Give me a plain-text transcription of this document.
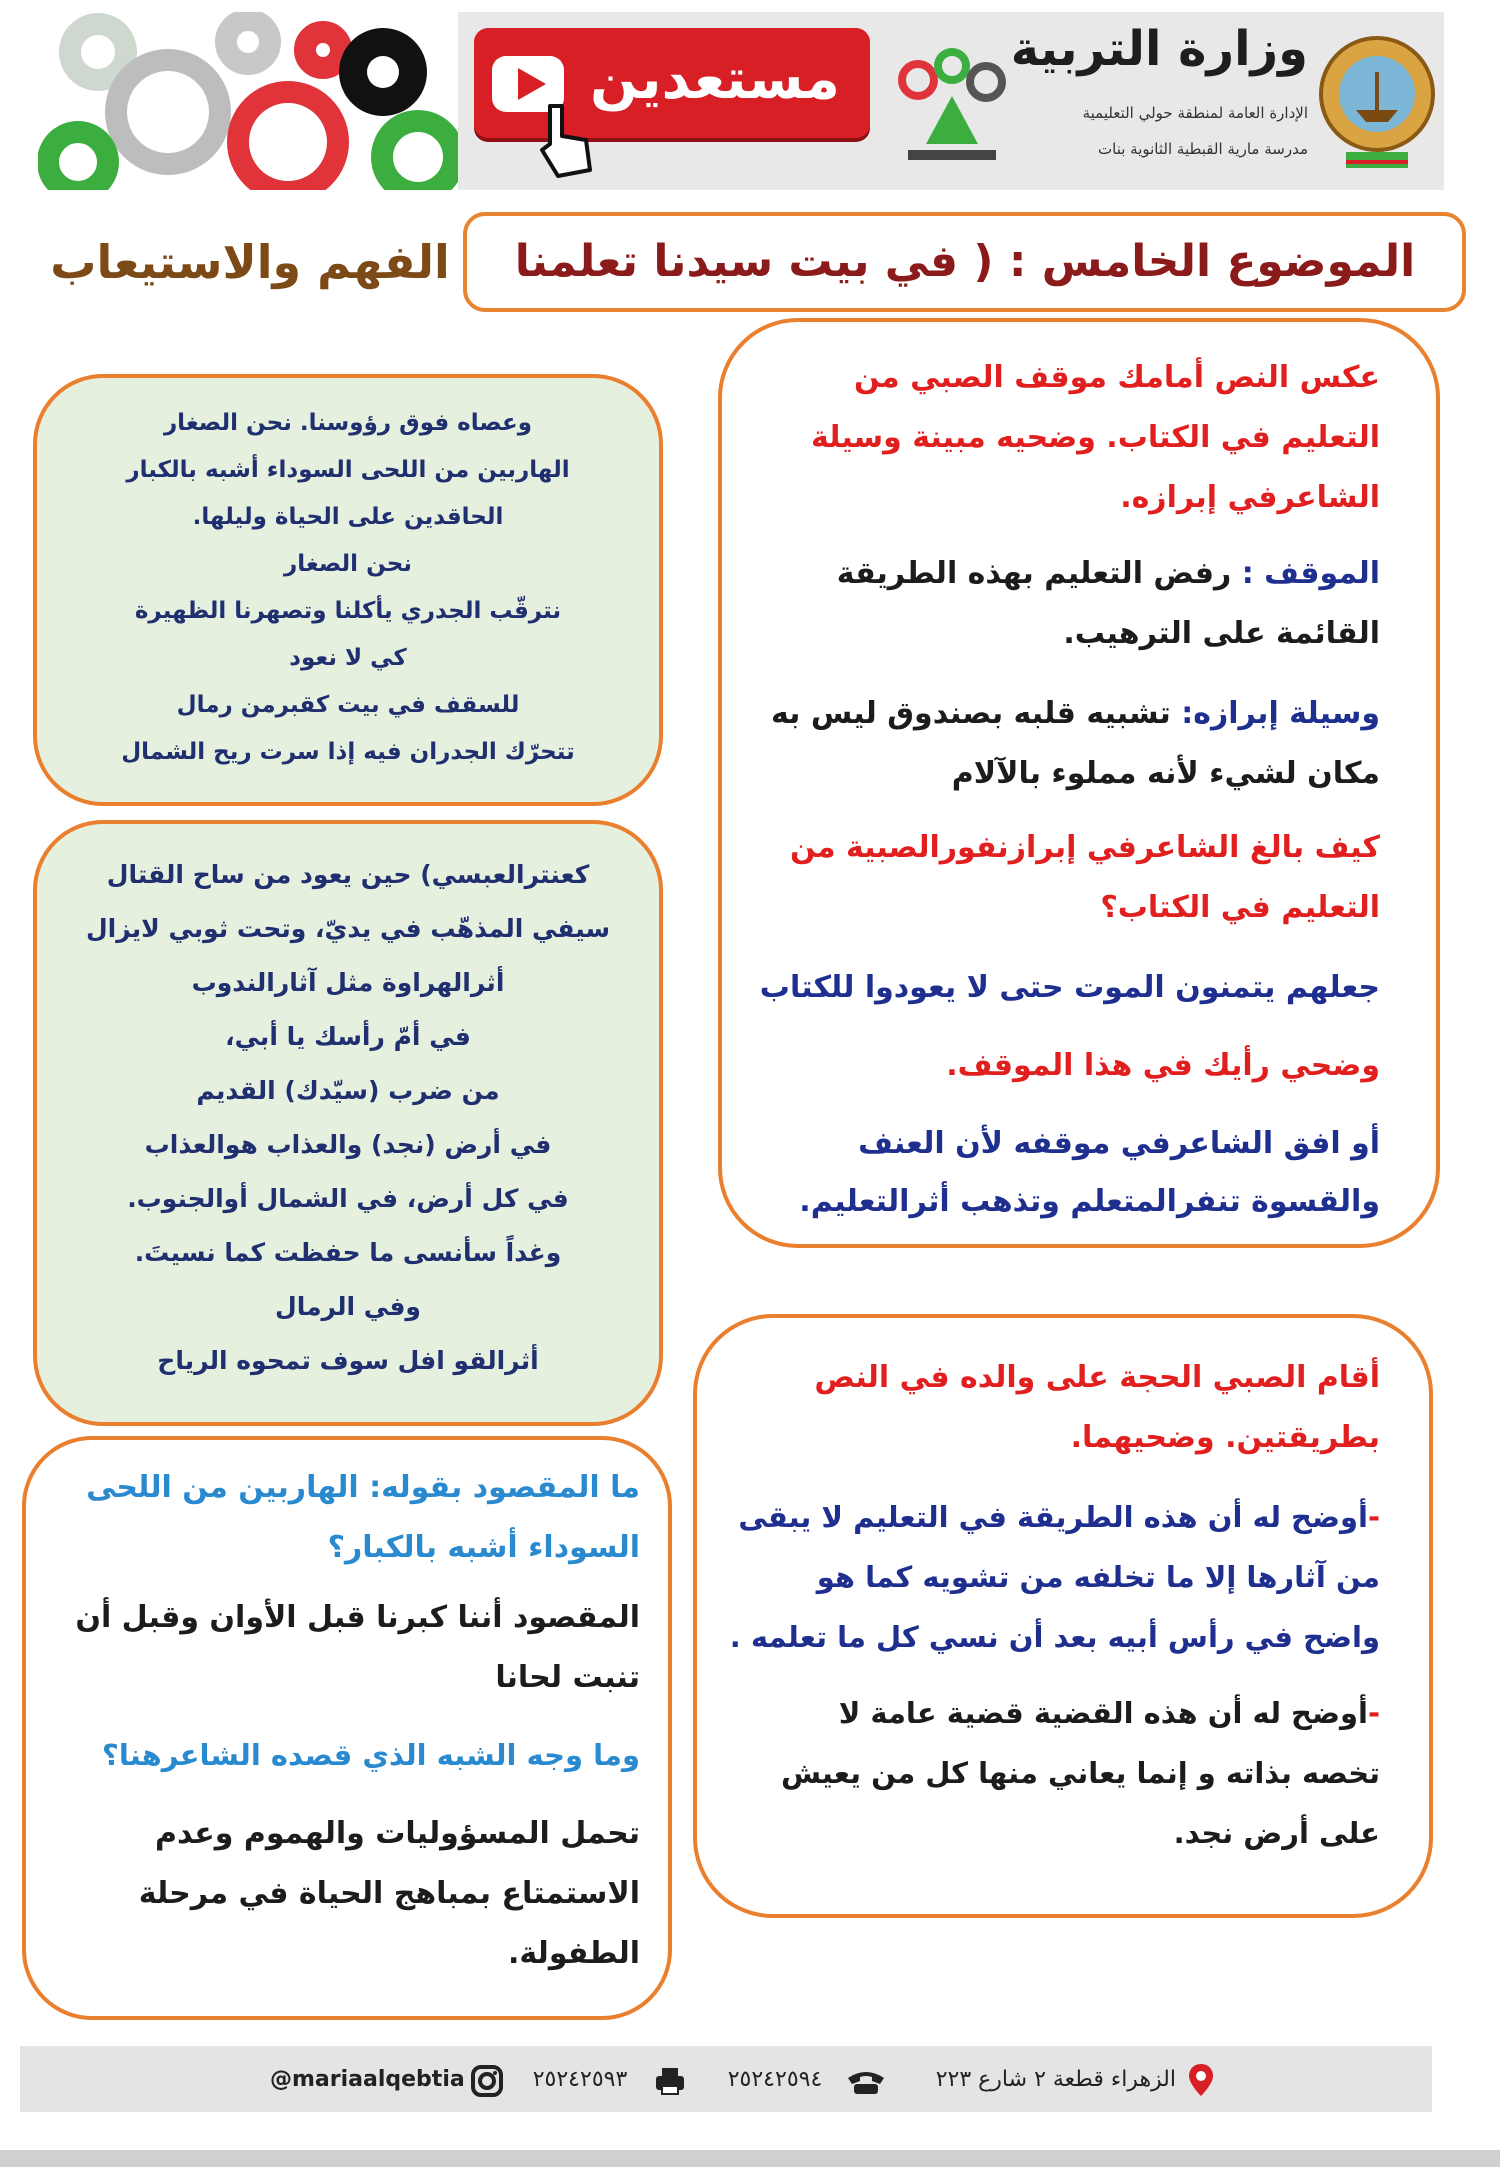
مستعدين	وزارة التربية
الإدارة العامة لمنطقة حولي التعليمية
مدرسة مارية القبطية الثانوية بنات
الموضوع الخامس : ( في بيت سيدنا تعلمنا
الفهم والاستيعاب
عكس النص أمامك موقف الصبي من
التعليم في الكتاب. وضحيه مبينة وسيلة
الشاعرفي إبرازه.
الموقف : رفض التعليم بهذه الطريقة
القائمة على الترهيب.
وسيلة إبرازه: تشبيه قلبه بصندوق ليس به
مكان لشيء لأنه مملوء بالآلام
كيف بالغ الشاعرفي إبرازنفورالصبية من
التعليم في الكتاب؟
جعلهم يتمنون الموت حتى لا يعودوا للكتاب
وضحي رأيك في هذا الموقف.
أو افق الشاعرفي موقفه لأن العنف
والقسوة تنفرالمتعلم وتذهب أثرالتعليم.
أقام الصبي الحجة على والده في النص
بطريقتين. وضحيهما.
-أوضح له أن هذه الطريقة في التعليم لا يبقى
من آثارها إلا ما تخلفه من تشويه كما هو
واضح في رأس أبيه بعد أن نسي كل ما تعلمه .
-أوضح له أن هذه القضية قضية عامة لا
تخصه بذاته و إنما يعاني منها كل من يعيش
على أرض نجد.
وعصاه فوق رؤوسنا. نحن الصغار
الهاربين من اللحى السوداء أشبه بالكبار
الحاقدين على الحياة وليلها.
نحن الصغار
نترقّب الجدري يأكلنا وتصهرنا الظهيرة
كي لا نعود
للسقف في بيت كقبرمن رمال
تتحرّك الجدران فيه إذا سرت ريح الشمال
كعنترالعبسي) حين يعود من ساح القتال
سيفي المذهّب في يديّ، وتحت ثوبي لايزال
أثرالهراوة مثل آثارالندوب
في أمّ رأسك يا أبي،
من ضرب (سيّدك) القديم
في أرض (نجد) والعذاب هوالعذاب
في كل أرض، في الشمال أوالجنوب.
وغداً سأنسى ما حفظت كما نسيتَ.
وفي الرمال
أثرالقو افل سوف تمحوه الرياح
ما المقصود بقوله: الهاربين من اللحى
السوداء أشبه بالكبار؟
المقصود أننا كبرنا قبل الأوان وقبل أن
تنبت لحانا
وما وجه الشبه الذي قصده الشاعرهنا؟
تحمل المسؤوليات والهموم وعدم
الاستمتاع بمباهج الحياة في مرحلة
الطفولة.
الزهراء قطعة ٢ شارع ٢٢٣
٢٥٢٤٢٥٩٤
٢٥٢٤٢٥٩٣
@mariaalqebtia
